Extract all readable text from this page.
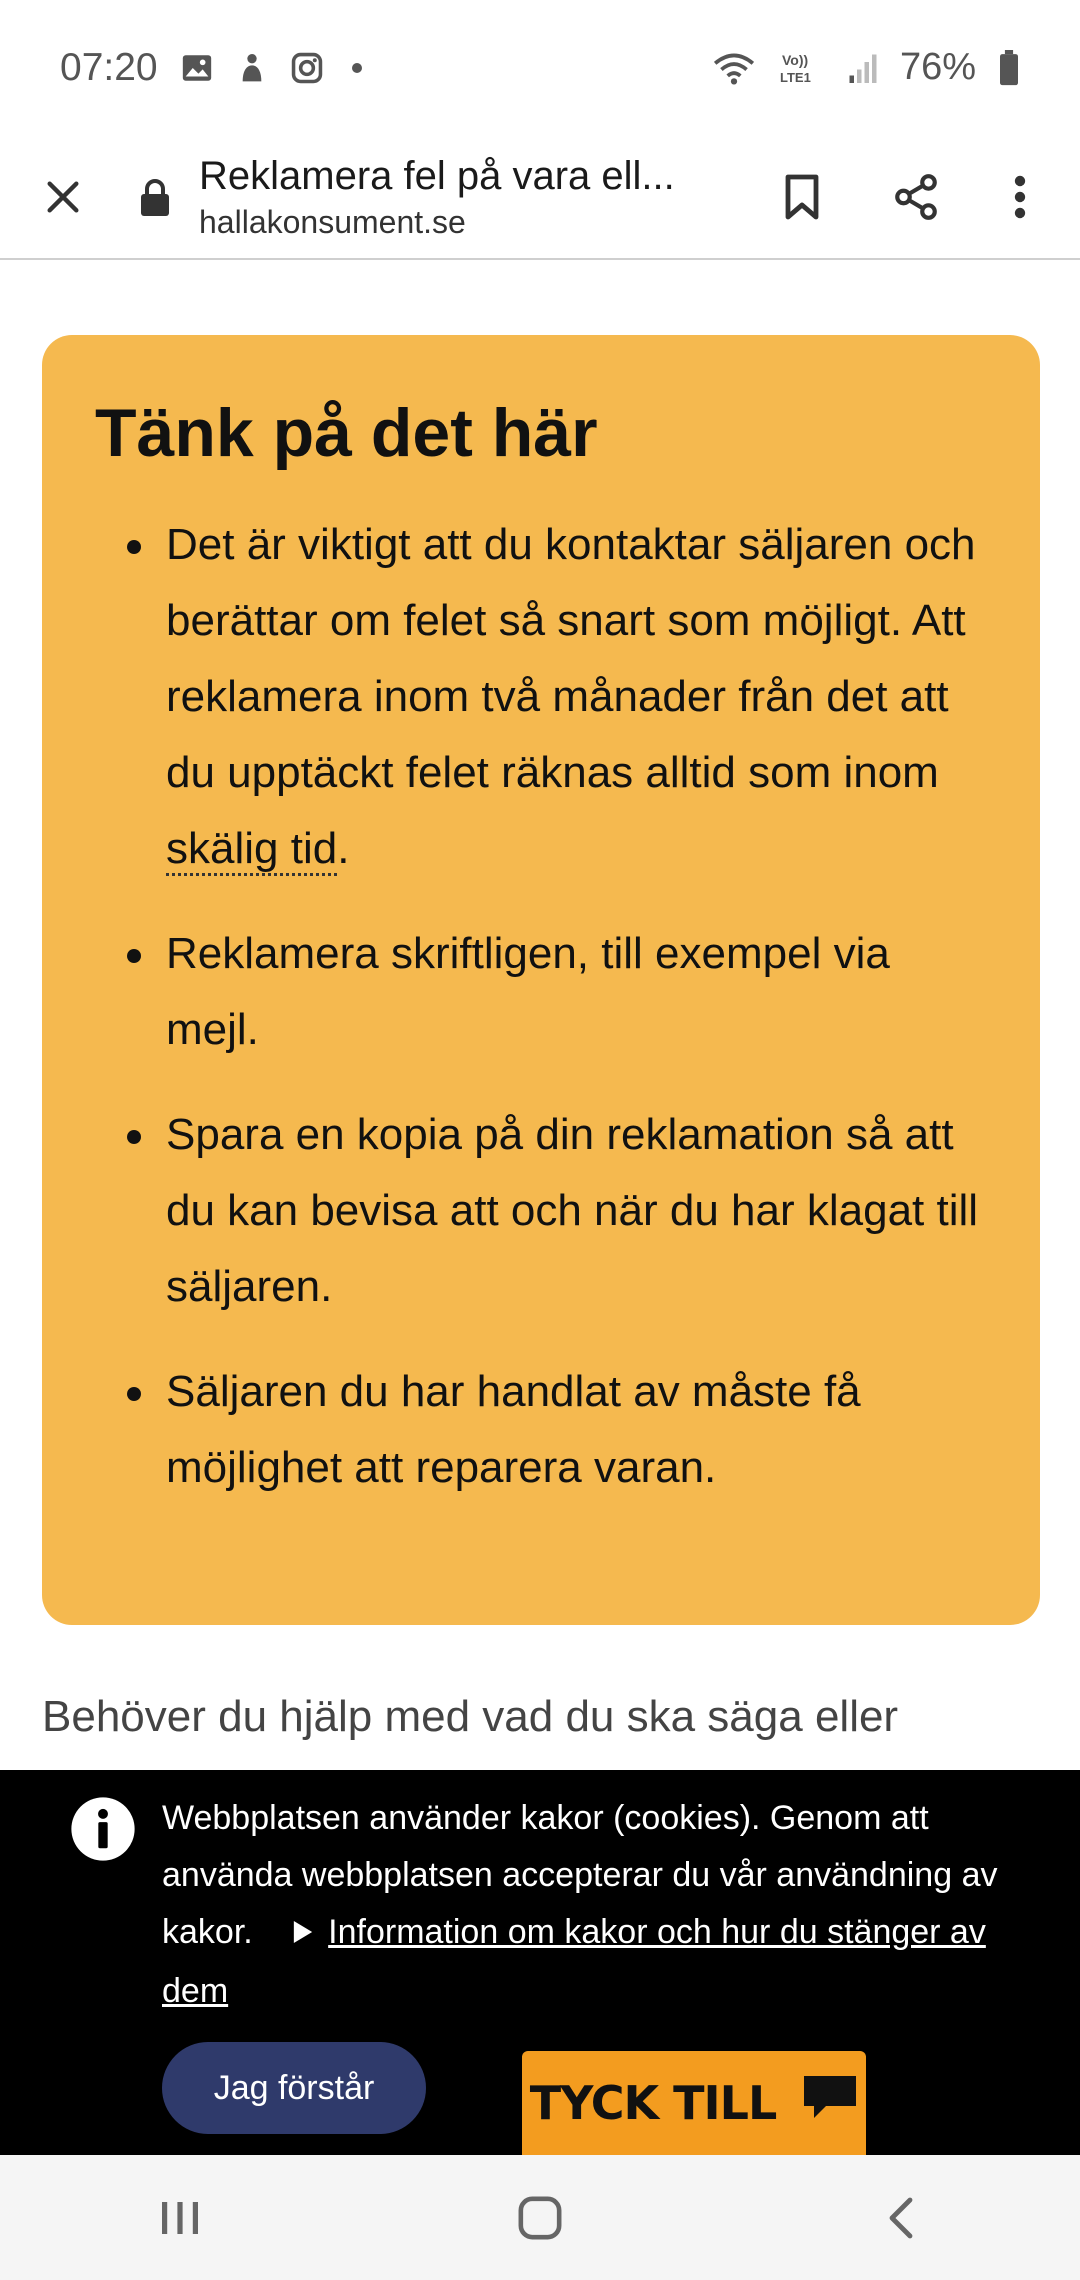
07:20	Vo))
LTE1 76%
Reklamera fel på vara ell...
hallakonsument.se
Tänk på det här
Det är viktigt att du kontaktar säljaren och berättar om felet så snart som möjligt. Att reklamera inom två månader från det att du upptäckt felet räknas alltid som inom skälig tid.
Reklamera skriftligen, till exempel via mejl.
Spara en kopia på din reklamation så att du kan bevisa att och när du har klagat till säljaren.
Säljaren du har handlat av måste få möjlighet att reparera varan.
Behöver du hjälp med vad du ska säga eller
Webbplatsen använder kakor (cookies). Genom att använda webbplatsen accepterar du vår användning av kakor. Information om kakor och hur du stänger av dem
Jag förstår	TYCK TILL
